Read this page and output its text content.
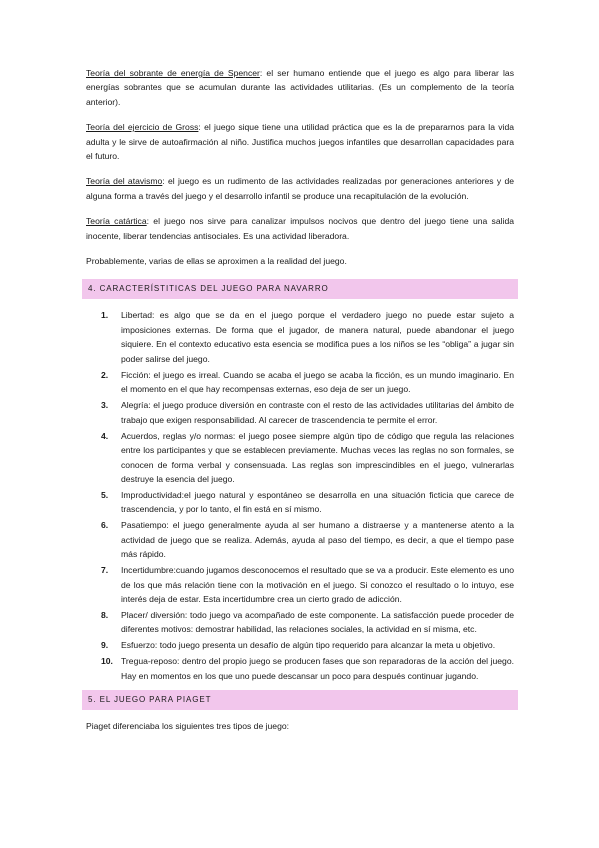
Teoría del sobrante de energía de Spencer: el ser humano entiende que el juego es algo para liberar las energías sobrantes que se acumulan durante las actividades utilitarias. (Es un complemento de la teoría anterior).

Teoría del ejercicio de Gross: el juego sique tiene una utilidad práctica que es la de prepararnos para la vida adulta y le sirve de autoafirmación al niño. Justifica muchos juegos infantiles que desarrollan capacidades para el futuro.

Teoría del atavismo: el juego es un rudimento de las actividades realizadas por generaciones anteriores y de alguna forma a través del juego y el desarrollo infantil se produce una recapitulación de la evolución.

Teoría catártica: el juego nos sirve para canalizar impulsos nocivos que dentro del juego tiene una salida inocente, liberar tendencias antisociales. Es una actividad liberadora.

Probablemente, varias de ellas se aproximen a la realidad del juego.

4. CARACTERÍSTITICAS DEL JUEGO PARA NAVARRO
1. Libertad: es algo que se da en el juego porque el verdadero juego no puede estar sujeto a imposiciones externas. De forma que el jugador, de manera natural, puede abandonar el juego siquiere. En el contexto educativo esta esencia se modifica pues a los niños se les “obliga” a jugar sin poder salirse del juego.
2. Ficción: el juego es irreal. Cuando se acaba el juego se acaba la ficción, es un mundo imaginario. En el momento en el que hay recompensas externas, eso deja de ser un juego.
3. Alegría: el juego produce diversión en contraste con el resto de las actividades utilitarias del ámbito de trabajo que exigen responsabilidad. Al carecer de trascendencia te permite el error.
4. Acuerdos, reglas y/o normas: el juego posee siempre algún tipo de código que regula las relaciones entre los participantes y que se establecen previamente. Muchas veces las reglas no son formales, se conocen de forma verbal y consensuada. Las reglas son imprescindibles en el juego, vulnerarlas destruye la esencia del juego.
5. Improductividad:el juego natural y espontáneo se desarrolla en una situación ficticia que carece de trascendencia, y por lo tanto, el fin está en sí mismo.
6. Pasatiempo: el juego generalmente ayuda al ser humano a distraerse y a mantenerse atento a la actividad de juego que se realiza. Además, ayuda al paso del tiempo, es decir, a que el tiempo pase más rápido.
7. Incertidumbre:cuando jugamos desconocemos el resultado que se va a producir. Este elemento es uno de los que más relación tiene con la motivación en el juego. Si conozco el resultado o lo intuyo, ese interés deja de estar. Esta incertidumbre crea un cierto grado de adicción.
8. Placer/ diversión: todo juego va acompañado de este componente. La satisfacción puede proceder de diferentes motivos: demostrar habilidad, las relaciones sociales, la actividad en sí misma, etc.
9. Esfuerzo: todo juego presenta un desafío de algún tipo requerido para alcanzar la meta u objetivo.
10. Tregua-reposo: dentro del propio juego se producen fases que son reparadoras de la acción del juego. Hay en momentos en los que uno puede descansar un poco para después continuar jugando.
5. EL JUEGO PARA PIAGET

Piaget diferenciaba los siguientes tres tipos de juego:
